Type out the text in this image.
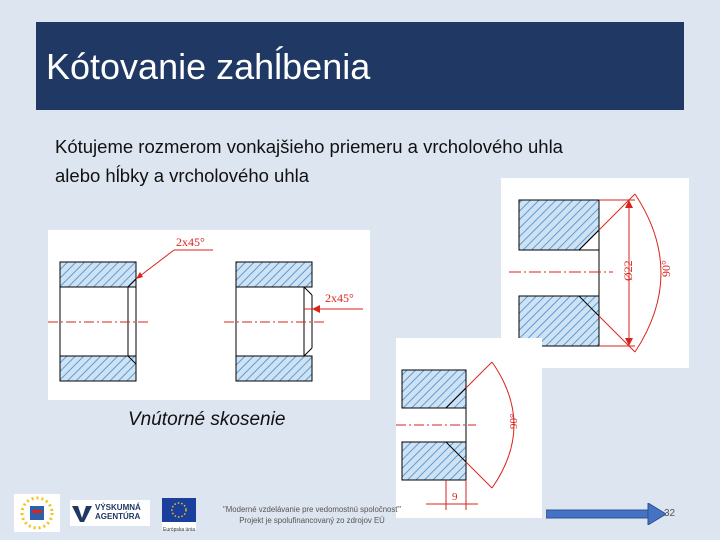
Kótovanie zahĺbenia
Kótujeme rozmerom vonkajšieho priemeru a vrcholového uhla
alebo hĺbky a vrcholového uhla
2x45°
2x45°
Ø22 90°
90°
9
Vnútorné skosenie
VÝSKUMNÁ
AGENTÚRA
Európska únia
"Moderné vzdelávanie pre vedomostnú spoločnosť"
Projekt je spolufinancovaný zo zdrojov EÚ
32
